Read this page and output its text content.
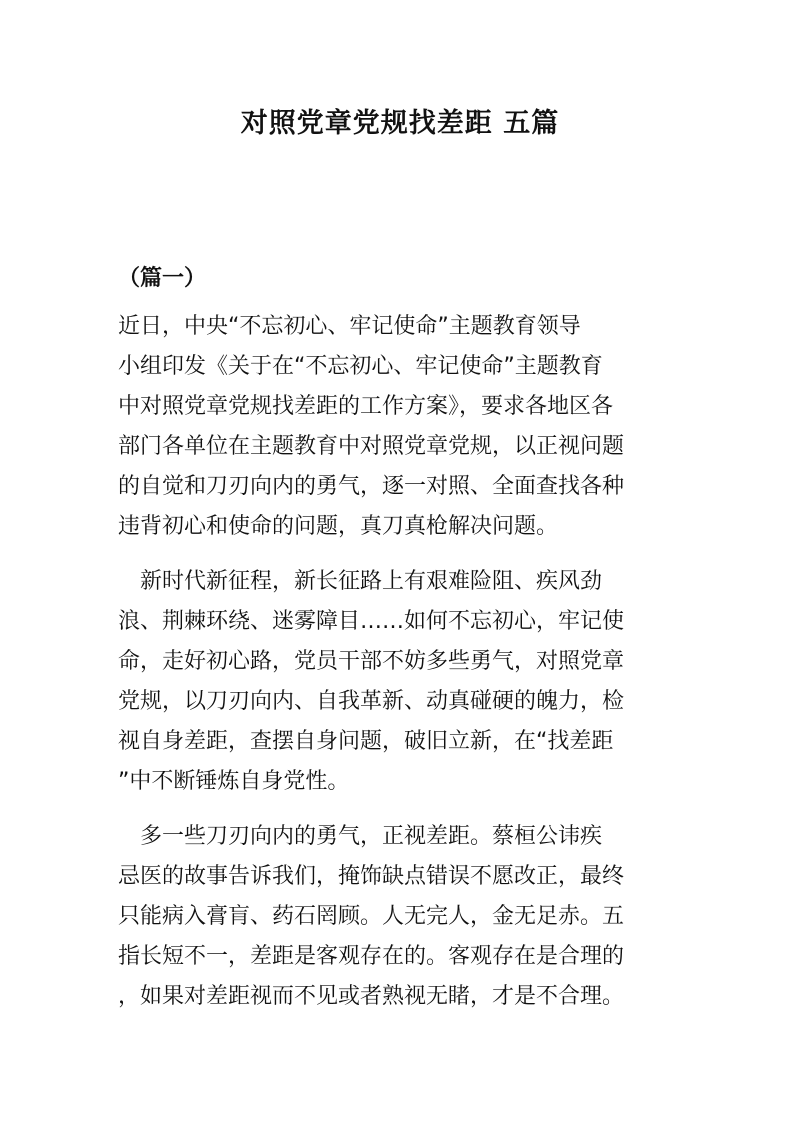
对照党章党规找差距 五篇
（篇一）

近日，中央“不忘初心、牢记使命”主题教育领导

小组印发《关于在“不忘初心、牢记使命”主题教育

中对照党章党规找差距的工作方案》，要求各地区各

部门各单位在主题教育中对照党章党规，以正视问题

的自觉和刀刃向内的勇气，逐一对照、全面查找各种

违背初心和使命的问题，真刀真枪解决问题。

　新时代新征程，新长征路上有艰难险阻、疾风劲

浪、荆棘环绕、迷雾障目……如何不忘初心，牢记使

命，走好初心路，党员干部不妨多些勇气，对照党章

党规，以刀刃向内、自我革新、动真碰硬的魄力，检

视自身差距，查摆自身问题，破旧立新，在“找差距

”中不断锤炼自身党性。

　多一些刀刃向内的勇气，正视差距。蔡桓公讳疾

忌医的故事告诉我们，掩饰缺点错误不愿改正，最终

只能病入膏肓、药石罔顾。人无完人，金无足赤。五

指长短不一，差距是客观存在的。客观存在是合理的

，如果对差距视而不见或者熟视无睹，才是不合理。
